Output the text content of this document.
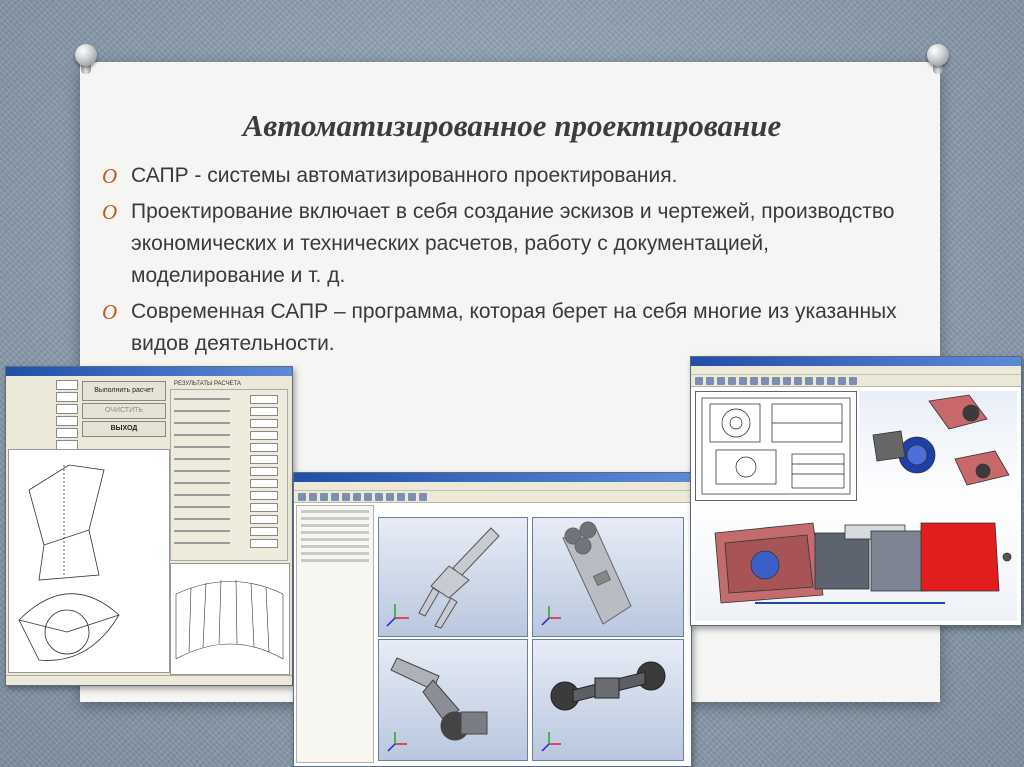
Автоматизированное проектирование
O САПР - системы автоматизированного проектирования.
O Проектирование включает в себя создание эскизов и чертежей, производство экономических и технических расчетов, работу с документацией, моделирование и т. д.
O Современная САПР – программа, которая берет на себя многие из указанных видов деятельности.
Выполнить расчет
ОЧИСТИТЬ
ВЫХОД
РЕЗУЛЬТАТЫ РАСЧЕТА
